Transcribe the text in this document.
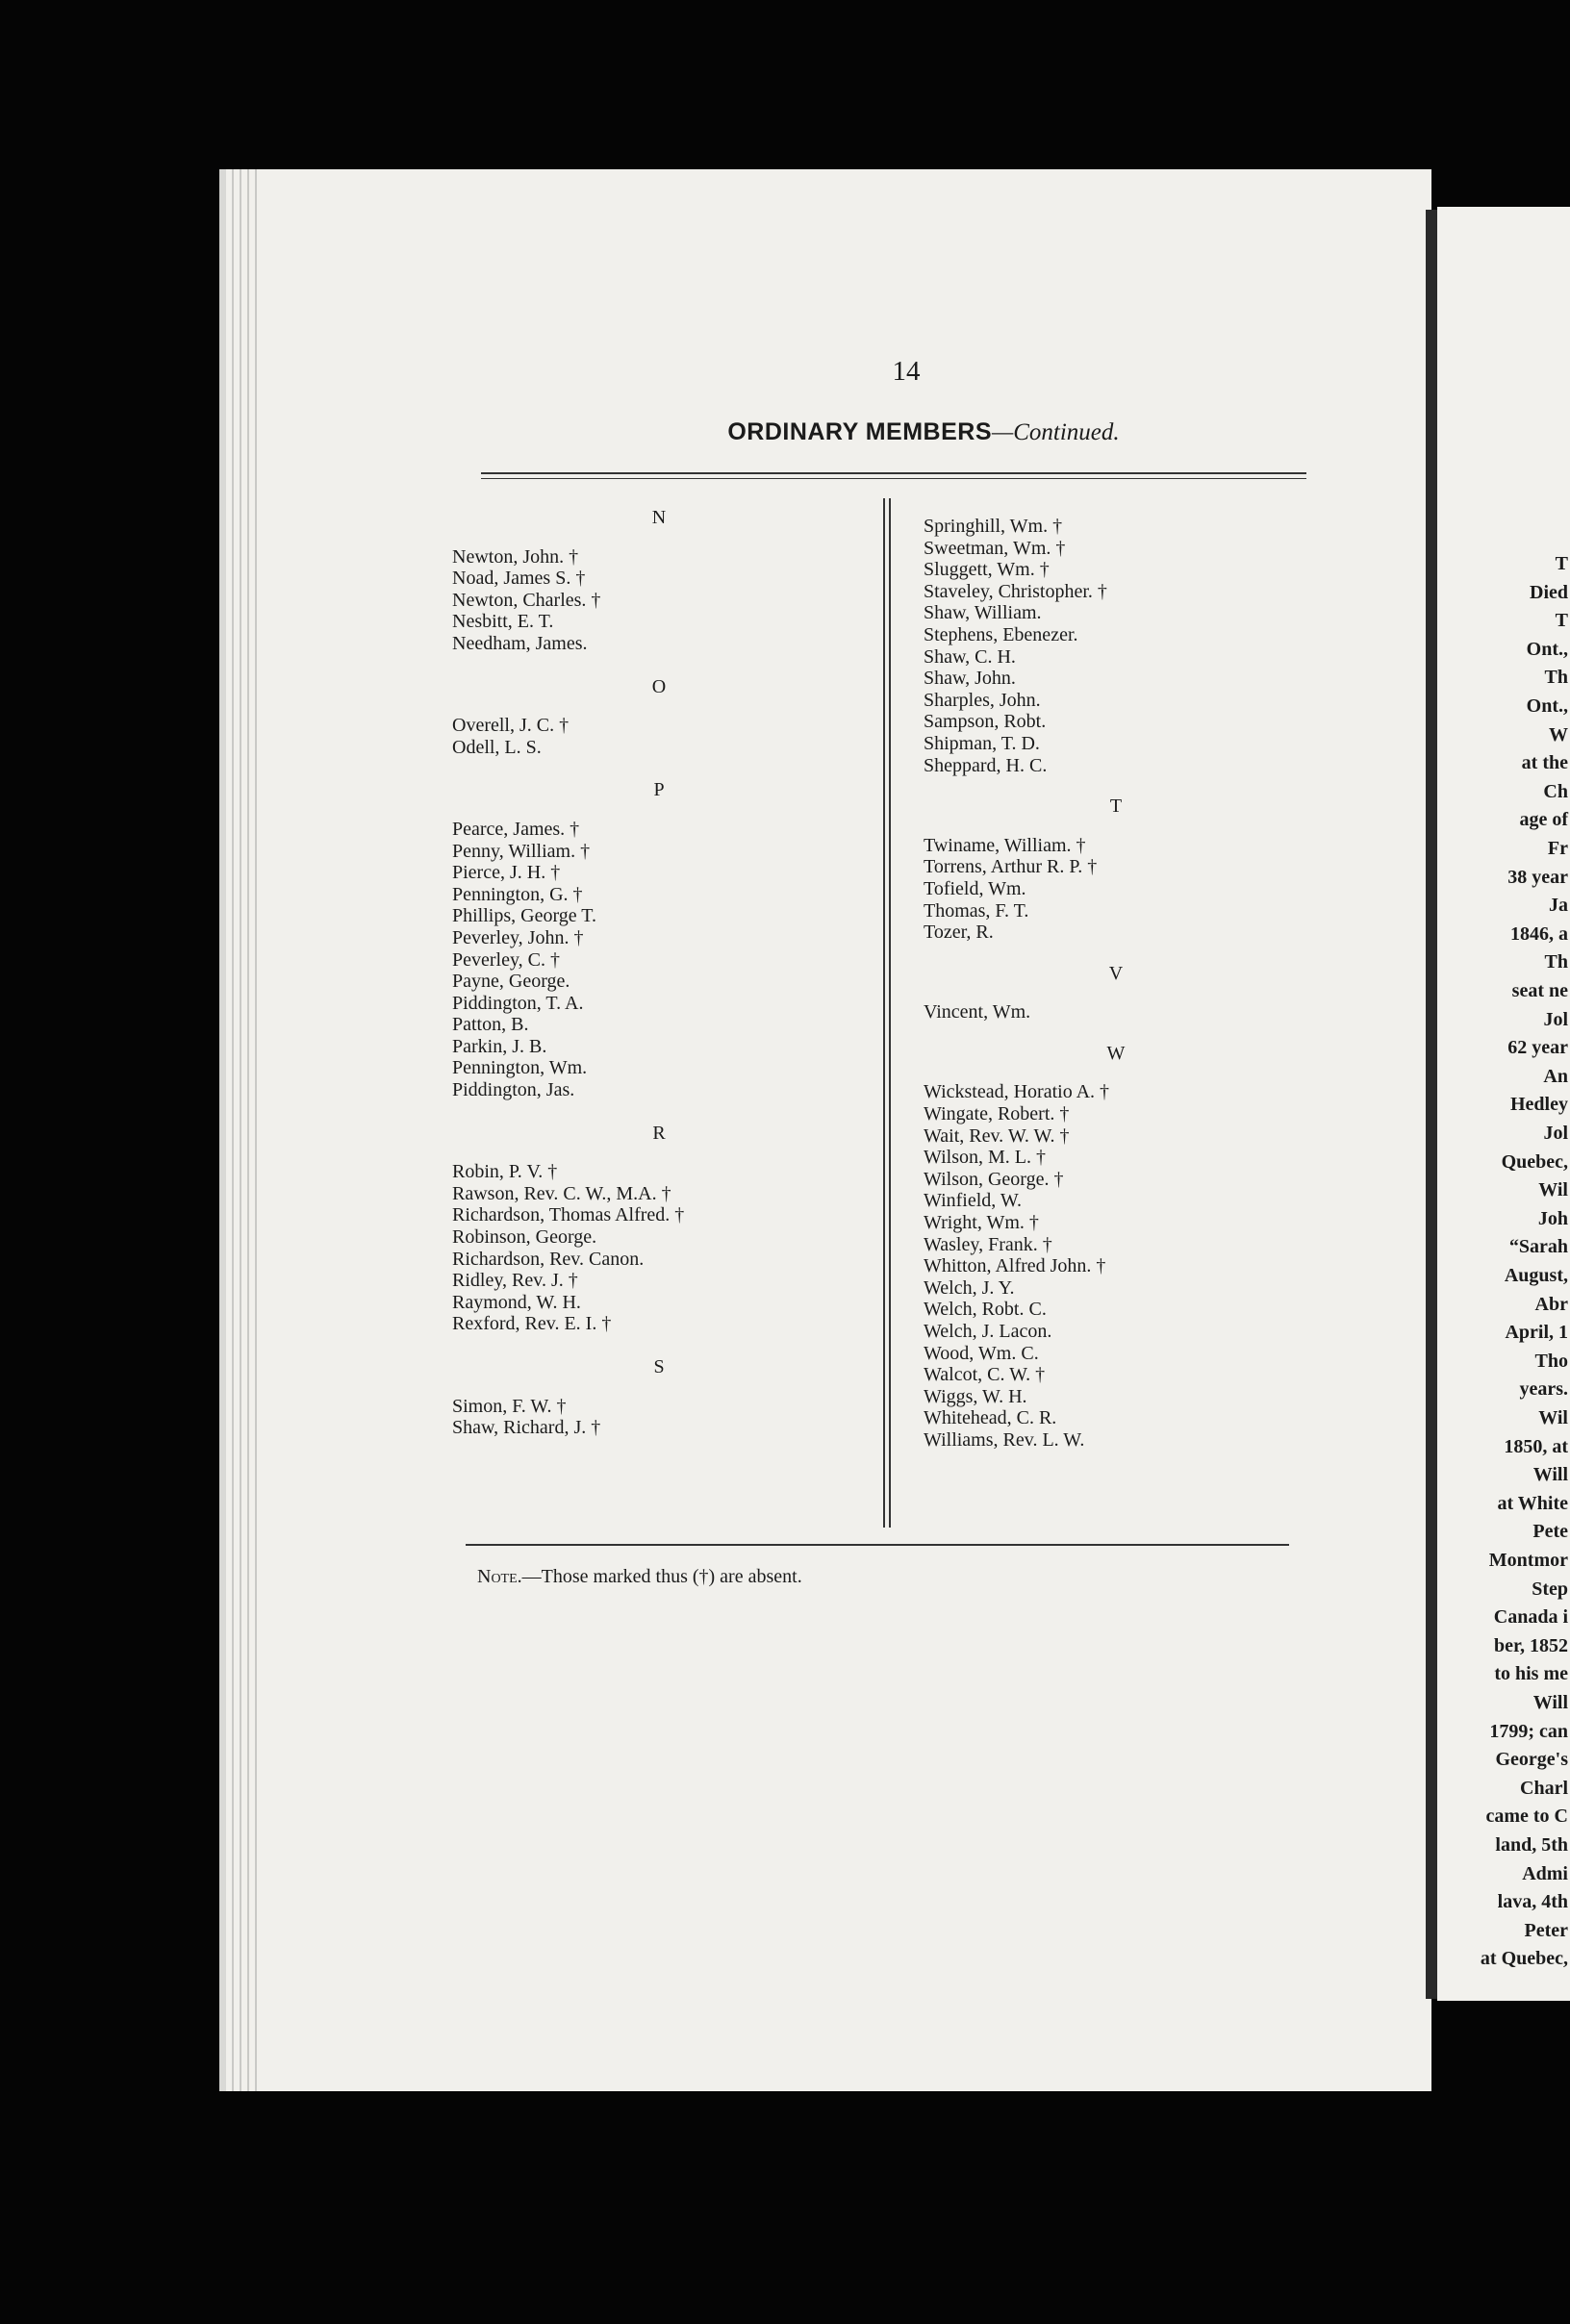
14
ORDINARY MEMBERS—Continued.
N
Newton, John. †
Noad, James S. †
Newton, Charles. †
Nesbitt, E. T.
Needham, James.
O
Overell, J. C. †
Odell, L. S.
P
Pearce, James. †
Penny, William. †
Pierce, J. H. †
Pennington, G. †
Phillips, George T.
Peverley, John. †
Peverley, C. †
Payne, George.
Piddington, T. A.
Patton, B.
Parkin, J. B.
Pennington, Wm.
Piddington, Jas.
R
Robin, P. V. †
Rawson, Rev. C. W., M.A. †
Richardson, Thomas Alfred. †
Robinson, George.
Richardson, Rev. Canon.
Ridley, Rev. J. †
Raymond, W. H.
Rexford, Rev. E. I. †
S
Simon, F. W. †
Shaw, Richard, J. †
Springhill, Wm. †
Sweetman, Wm. †
Sluggett, Wm. †
Staveley, Christopher. †
Shaw, William.
Stephens, Ebenezer.
Shaw, C. H.
Shaw, John.
Sharples, John.
Sampson, Robt.
Shipman, T. D.
Sheppard, H. C.
T
Twiname, William. †
Torrens, Arthur R. P. †
Tofield, Wm.
Thomas, F. T.
Tozer, R.
V
Vincent, Wm.
W
Wickstead, Horatio A. †
Wingate, Robert. †
Wait, Rev. W. W. †
Wilson, M. L. †
Wilson, George. †
Winfield, W.
Wright, Wm. †
Wasley, Frank. †
Whitton, Alfred John. †
Welch, J. Y.
Welch, Robt. C.
Welch, J. Lacon.
Wood, Wm. C.
Walcot, C. W. †
Wiggs, W. H.
Whitehead, C. R.
Williams, Rev. L. W.
Note.—Those marked thus (†) are absent.
T
Died
T
Ont.,
Th
Ont.,
W
at the
Ch
age of
Fr
38 year
Ja
1846, a
Th
seat ne
Jol
62 year
An
Hedley
Jol
Quebec,
Wil
Joh
“Sarah
August,
Abr
April, 1
Tho
years.
Wil
1850, at
Will
at White
Pete
Montmor
Step
Canada i
ber, 1852
to his me
Will
1799; can
George's
Charl
came to C
land, 5th
Admi
lava, 4th
Peter
at Quebec,
